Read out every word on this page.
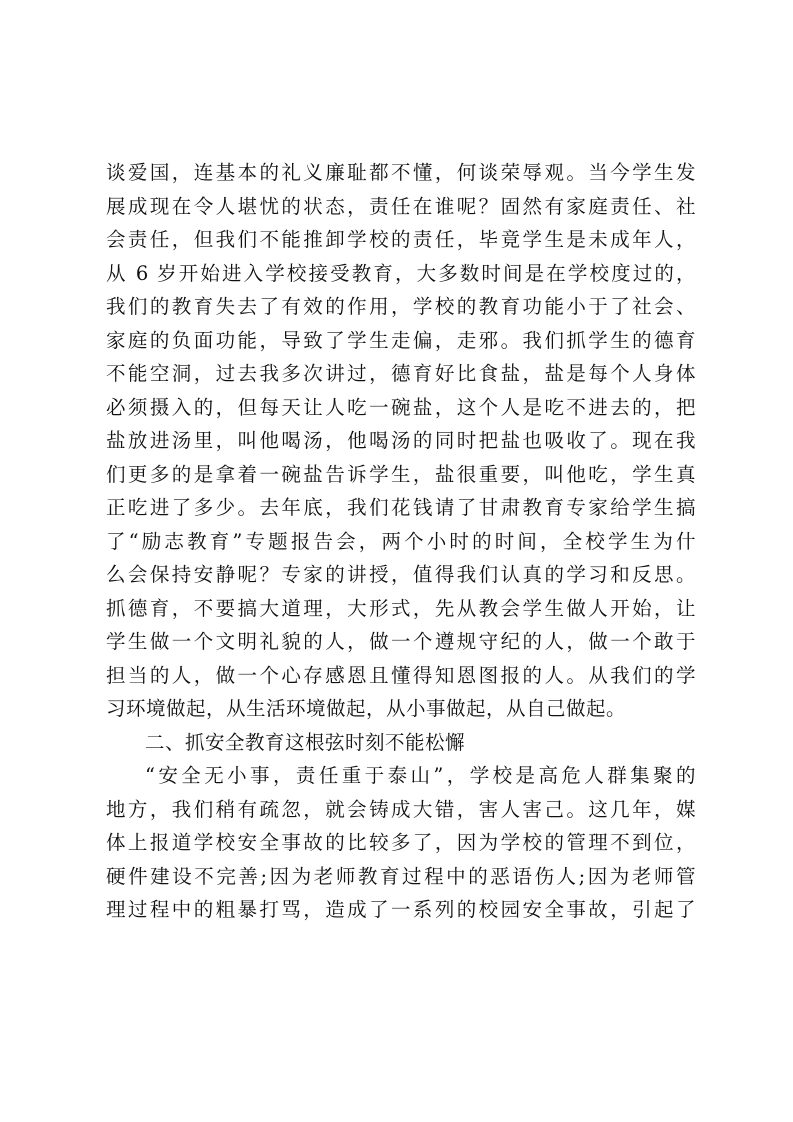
谈爱国，连基本的礼义廉耻都不懂，何谈荣辱观。当今学生发
展成现在令人堪忧的状态，责任在谁呢？固然有家庭责任、社
会责任，但我们不能推卸学校的责任，毕竟学生是未成年人，
从 6 岁开始进入学校接受教育，大多数时间是在学校度过的，
我们的教育失去了有效的作用，学校的教育功能小于了社会、
家庭的负面功能，导致了学生走偏，走邪。我们抓学生的德育
不能空洞，过去我多次讲过，德育好比食盐，盐是每个人身体
必须摄入的，但每天让人吃一碗盐，这个人是吃不进去的，把
盐放进汤里，叫他喝汤，他喝汤的同时把盐也吸收了。现在我
们更多的是拿着一碗盐告诉学生，盐很重要，叫他吃，学生真
正吃进了多少。去年底，我们花钱请了甘肃教育专家给学生搞
了“励志教育”专题报告会，两个小时的时间，全校学生为什
么会保持安静呢？专家的讲授，值得我们认真的学习和反思。
抓德育，不要搞大道理，大形式，先从教会学生做人开始，让
学生做一个文明礼貌的人，做一个遵规守纪的人，做一个敢于
担当的人，做一个心存感恩且懂得知恩图报的人。从我们的学
习环境做起，从生活环境做起，从小事做起，从自己做起。
二、抓安全教育这根弦时刻不能松懈
“安全无小事，责任重于泰山”，学校是高危人群集聚的
地方，我们稍有疏忽，就会铸成大错，害人害己。这几年，媒
体上报道学校安全事故的比较多了，因为学校的管理不到位，
硬件建设不完善;因为老师教育过程中的恶语伤人;因为老师管
理过程中的粗暴打骂，造成了一系列的校园安全事故，引起了
